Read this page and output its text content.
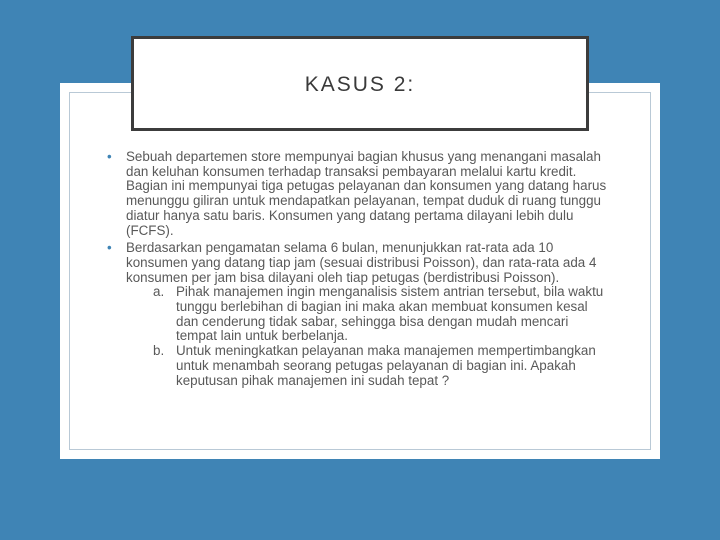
KASUS 2:
• Sebuah departemen store mempunyai bagian khusus yang menangani masalah dan keluhan konsumen terhadap transaksi pembayaran melalui kartu kredit. Bagian ini mempunyai tiga petugas pelayanan dan konsumen yang datang harus menunggu giliran untuk mendapatkan pelayanan, tempat duduk di ruang tunggu diatur hanya satu baris. Konsumen yang datang pertama dilayani lebih dulu (FCFS).
• Berdasarkan pengamatan selama 6 bulan, menunjukkan rat-rata ada 10 konsumen yang datang tiap jam (sesuai distribusi Poisson), dan rata-rata ada 4 konsumen per jam bisa dilayani oleh tiap petugas (berdistribusi Poisson).
a. Pihak manajemen ingin menganalisis sistem antrian tersebut, bila waktu tunggu berlebihan di bagian ini maka akan membuat konsumen kesal dan cenderung tidak sabar, sehingga bisa dengan mudah mencari tempat lain untuk berbelanja.
b. Untuk meningkatkan pelayanan maka manajemen mempertimbangkan untuk menambah seorang petugas pelayanan di bagian ini. Apakah keputusan pihak manajemen ini sudah tepat ?
